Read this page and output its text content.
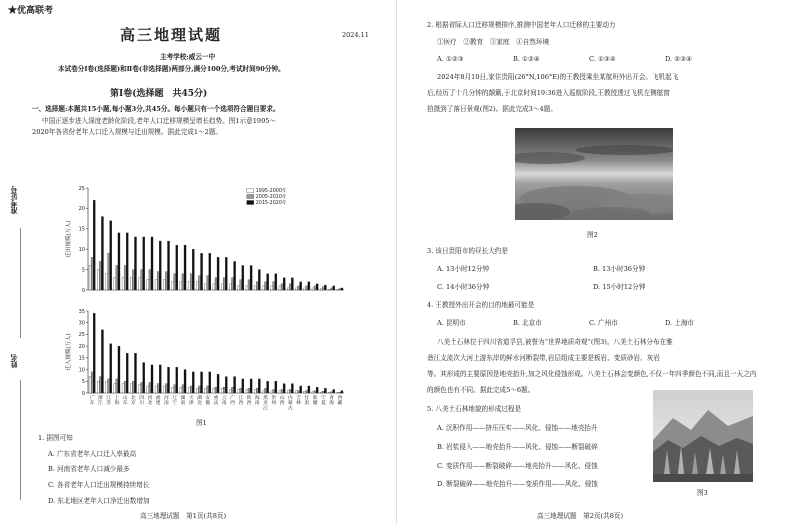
★优高联考
高三地理试题	2024.11
主考学校:威云一中
本试卷分Ⅰ卷(选择题)和Ⅱ卷(非选择题)两部分,满分100分,考试时间90分钟。
第Ⅰ卷(选择题　共45分)
一、选择题:本题共15小题,每小题3分,共45分。每小题只有一个选项符合题目要求。
中国正逐步进入深度老龄化阶段,老年人口迁移规模呈增长趋势。图1示意1995～
2020年各省份老年人口迁入规模与迁出规模。据此完成1～2题。
准考证号
姓名
0
5
10
15
20
25
迁出规模(万人)
1995-2000年
2005-2010年
2015-2020年
0
5
10
15
20
25
30
35
迁入规模(万人)
广
东
浙
江
江
苏
上
海
山
东
北
京
四
川
河
北
福
建
河
南
辽
宁
湖
南
天
津
湖
北
安
徽
重
庆
云
南
广
西
江
西
陕
西
海
南
黑
龙
江
贵
州
山
西
内
蒙
古
吉
林
甘
肃
新
疆
宁
夏
青
海
西
藏
图1
1. 据图可知
A. 广东省老年人口迁入率最高
B. 河南省老年人口减少最多
C. 各省老年人口迁出规模持续增长
D. 东北地区老年人口净迁出数增加
高三地理试题　第1页(共8页)
2. 根据省际人口迁移规模排序,推测中国老年人口迁移的主要动力
①医疗　②教育　③家庭　④自然环境
A. ①②③	B. ①②④	C. ①③④	D. ②③④
2024年8月10日,家住贵阳(26°N,106°E)的王教授乘坐某航班外出开会。飞机起飞
后,经历了十几分钟的颠簸,于北京时间19:36进入巡航阶段,王教授透过飞机左侧舷窗
拍摄到了落日景观(图2)。据此完成3～4题。
图2
3. 该日贵阳市的昼长大约是
A. 13小时12分钟	B. 13小时36分钟
C. 14小时36分钟	D. 15小时12分钟
4. 王教授外出开会的目的地最可能是
A. 昆明市	B. 北京市	C. 广州市	D. 上海市
八美土石林位于四川省道孚县,被誉为“世界地质奇观”(图3)。八美土石林分布在雅
砻江支流次大河上游东岸的鲜水河断裂带,岩层组成主要是板岩、变质砂岩、灰岩
等。其形成的主要原因是地壳抬升,加之风化侵蚀形成。八美土石林会变颜色,不仅一年四季颜色不同,而且一天之内
的颜色也有不同。据此完成5～6题。
5. 八美土石林地貌的形成过程是
A. 沉积作用——挤压压实——风化、侵蚀——地壳抬升
B. 岩浆侵入——地壳抬升——风化、侵蚀——断裂破碎
C. 变质作用——断裂破碎——地壳抬升——风化、侵蚀
D. 断裂破碎——地壳抬升——变质作用——风化、侵蚀
图3
高三地理试题　第2页(共8页)
